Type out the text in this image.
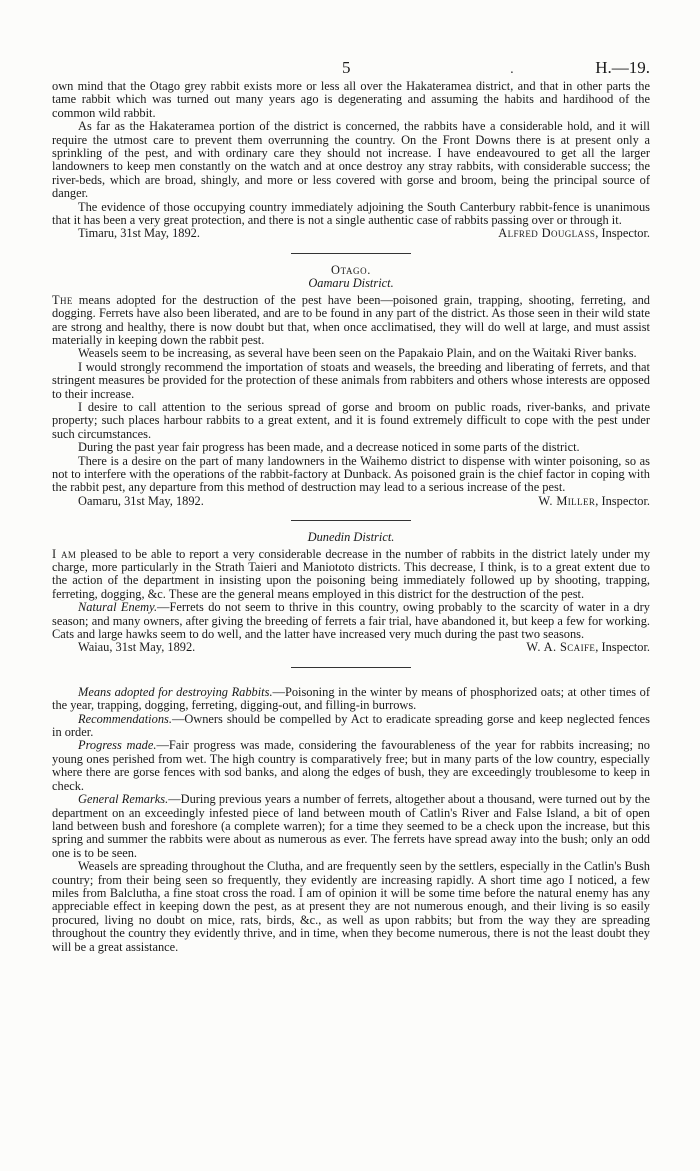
5	.	H.—19.

own mind that the Otago grey rabbit exists more or less all over the Hakateramea district, and that in other parts the tame rabbit which was turned out many years ago is degenerating and assuming the habits and hardihood of the common wild rabbit.

As far as the Hakateramea portion of the district is concerned, the rabbits have a considerable hold, and it will require the utmost care to prevent them overrunning the country. On the Front Downs there is at present only a sprinkling of the pest, and with ordinary care they should not increase. I have endeavoured to get all the larger landowners to keep men constantly on the watch and at once destroy any stray rabbits, with considerable success; the river-beds, which are broad, shingly, and more or less covered with gorse and broom, being the principal source of danger.

The evidence of those occupying country immediately adjoining the South Canterbury rabbit-fence is unanimous that it has been a very great protection, and there is not a single authentic case of rabbits passing over or through it.

Timaru, 31st May, 1892.	Alfred Douglass, Inspector.

Otago.

Oamaru District.

The means adopted for the destruction of the pest have been—poisoned grain, trapping, shooting, ferreting, and dogging. Ferrets have also been liberated, and are to be found in any part of the district. As those seen in their wild state are strong and healthy, there is now doubt but that, when once acclimatised, they will do well at large, and must assist materially in keeping down the rabbit pest.

Weasels seem to be increasing, as several have been seen on the Papakaio Plain, and on the Waitaki River banks.

I would strongly recommend the importation of stoats and weasels, the breeding and liberating of ferrets, and that stringent measures be provided for the protection of these animals from rabbiters and others whose interests are opposed to their increase.

I desire to call attention to the serious spread of gorse and broom on public roads, river-banks, and private property; such places harbour rabbits to a great extent, and it is found extremely difficult to cope with the pest under such circumstances.

During the past year fair progress has been made, and a decrease noticed in some parts of the district.

There is a desire on the part of many landowners in the Waihemo district to dispense with winter poisoning, so as not to interfere with the operations of the rabbit-factory at Dunback. As poisoned grain is the chief factor in coping with the rabbit pest, any departure from this method of destruction may lead to a serious increase of the pest.

Oamaru, 31st May, 1892.	W. Miller, Inspector.

Dunedin District.

I am pleased to be able to report a very considerable decrease in the number of rabbits in the district lately under my charge, more particularly in the Strath Taieri and Maniototo districts. This decrease, I think, is to a great extent due to the action of the department in insisting upon the poisoning being immediately followed up by shooting, trapping, ferreting, dogging, &c. These are the general means employed in this district for the destruction of the pest.

Natural Enemy.—Ferrets do not seem to thrive in this country, owing probably to the scarcity of water in a dry season; and many owners, after giving the breeding of ferrets a fair trial, have abandoned it, but keep a few for working. Cats and large hawks seem to do well, and the latter have increased very much during the past two seasons.

Waiau, 31st May, 1892.	W. A. Scaife, Inspector.

Means adopted for destroying Rabbits.—Poisoning in the winter by means of phosphorized oats; at other times of the year, trapping, dogging, ferreting, digging-out, and filling-in burrows.

Recommendations.—Owners should be compelled by Act to eradicate spreading gorse and keep neglected fences in order.

Progress made.—Fair progress was made, considering the favourableness of the year for rabbits increasing; no young ones perished from wet. The high country is comparatively free; but in many parts of the low country, especially where there are gorse fences with sod banks, and along the edges of bush, they are exceedingly troublesome to keep in check.

General Remarks.—During previous years a number of ferrets, altogether about a thousand, were turned out by the department on an exceedingly infested piece of land between mouth of Catlin's River and False Island, a bit of open land between bush and foreshore (a complete warren); for a time they seemed to be a check upon the increase, but this spring and summer the rabbits were about as numerous as ever. The ferrets have spread away into the bush; only an odd one is to be seen.

Weasels are spreading throughout the Clutha, and are frequently seen by the settlers, especially in the Catlin's Bush country; from their being seen so frequently, they evidently are increasing rapidly. A short time ago I noticed, a few miles from Balclutha, a fine stoat cross the road. I am of opinion it will be some time before the natural enemy has any appreciable effect in keeping down the pest, as at present they are not numerous enough, and their living is so easily procured, living no doubt on mice, rats, birds, &c., as well as upon rabbits; but from the way they are spreading throughout the country they evidently thrive, and in time, when they become numerous, there is not the least doubt they will be a great assistance.
